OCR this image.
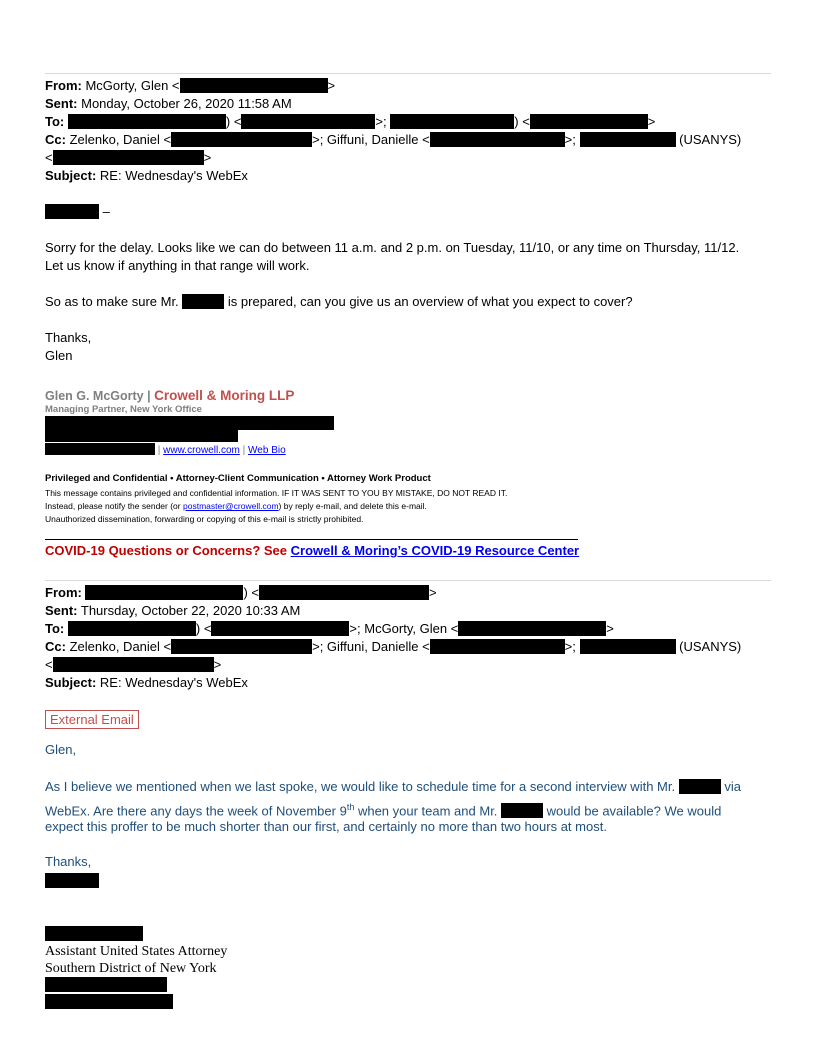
From: McGorty, Glen <	>
Sent: Monday, October 26, 2020 11:58 AM
To:	) <	>;	) <	>
Cc: Zelenko, Daniel <	>; Giffuni, Danielle <	>;	(USANYS)
<	>
Subject: RE: Wednesday's WebEx
–
Sorry for the delay. Looks like we can do between 11 a.m. and 2 p.m. on Tuesday, 11/10, or any time on Thursday, 11/12.
Let us know if anything in that range will work.
So as to make sure Mr.	is prepared, can you give us an overview of what you expect to cover?
Thanks,
Glen
Glen G. McGorty | Crowell & Moring LLP
Managing Partner, New York Office
| www.crowell.com | Web Bio
Privileged and Confidential • Attorney-Client Communication • Attorney Work Product
This message contains privileged and confidential information. IF IT WAS SENT TO YOU BY MISTAKE, DO NOT READ IT.
Instead, please notify the sender (or postmaster@crowell.com) by reply e-mail, and delete this e-mail.
Unauthorized dissemination, forwarding or copying of this e-mail is strictly prohibited.
COVID-19 Questions or Concerns? See Crowell & Moring’s COVID-19 Resource Center
From:	) <	>
Sent: Thursday, October 22, 2020 10:33 AM
To:	) <	>; McGorty, Glen <	>
Cc: Zelenko, Daniel <	>; Giffuni, Danielle <	>;	(USANYS)
<	>
Subject: RE: Wednesday's WebEx
External Email
Glen,
As I believe we mentioned when we last spoke, we would like to schedule time for a second interview with Mr.	via
WebEx. Are there any days the week of November 9th when your team and Mr.	would be available? We would
expect this proffer to be much shorter than our first, and certainly no more than two hours at most.
Thanks,
Assistant United States Attorney
Southern District of New York
